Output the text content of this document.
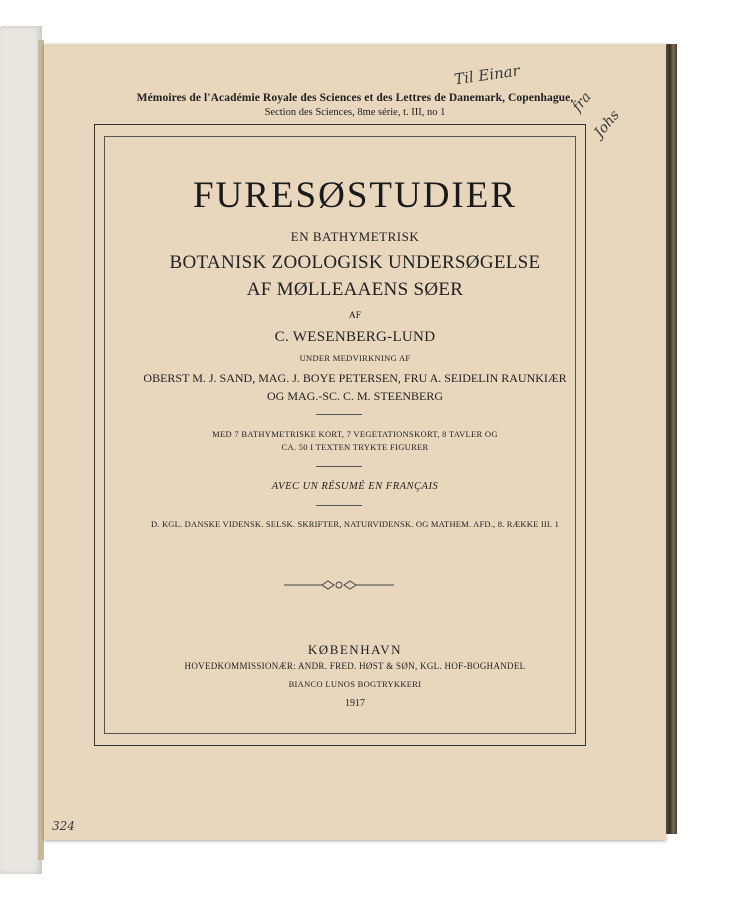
Mémoires de l'Académie Royale des Sciences et des Lettres de Danemark, Copenhague,
Section des Sciences, 8me série, t. III, no 1
FURESØSTUDIER
EN BATHYMETRISK
BOTANISK ZOOLOGISK UNDERSØGELSE
AF MØLLEAAENS SØER
AF
C. WESENBERG-LUND
UNDER MEDVIRKNING AF
OBERST M. J. SAND, MAG. J. BOYE PETERSEN, FRU A. SEIDELIN RAUNKIÆR
OG MAG.-SC. C. M. STEENBERG
MED 7 BATHYMETRISKE KORT, 7 VEGETATIONSKORT, 8 TAVLER OG
CA. 50 I TEXTEN TRYKTE FIGURER
AVEC UN RÉSUMÉ EN FRANÇAIS
D. KGL. DANSKE VIDENSK. SELSK. SKRIFTER, NATURVIDENSK. OG MATHEM. AFD., 8. RÆKKE III. 1
KØBENHAVN
HOVEDKOMMISSIONÆR: ANDR. FRED. HØST & SØN, KGL. HOF-BOGHANDEL
BIANCO LUNOS BOGTRYKKERI
1917
Til Einar
fra
Johs
324
